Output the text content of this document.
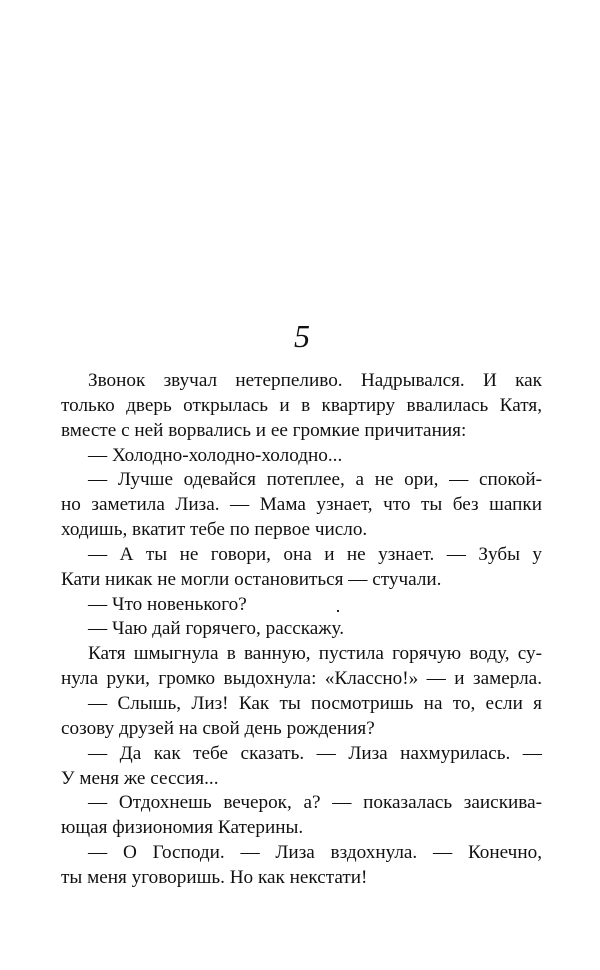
5
Звонок звучал нетерпеливо. Надрывался. И как
только дверь открылась и в квартиру ввалилась Катя,
вместе с ней ворвались и ее громкие причитания:
— Холодно-холодно-холодно...
— Лучше одевайся потеплее, а не ори, — спокой-
но заметила Лиза. — Мама узнает, что ты без шапки
ходишь, вкатит тебе по первое число.
— А ты не говори, она и не узнает. — Зубы у
Кати никак не могли остановиться — стучали.
— Что новенького?
— Чаю дай горячего, расскажу.
Катя шмыгнула в ванную, пустила горячую воду, су-
нула руки, громко выдохнула: «Классно!» — и замерла.
— Слышь, Лиз! Как ты посмотришь на то, если я
созову друзей на свой день рождения?
— Да как тебе сказать. — Лиза нахмурилась. —
У меня же сессия...
— Отдохнешь вечерок, а? — показалась заискива-
ющая физиономия Катерины.
— О Господи. — Лиза вздохнула. — Конечно,
ты меня уговоришь. Но как некстати!
